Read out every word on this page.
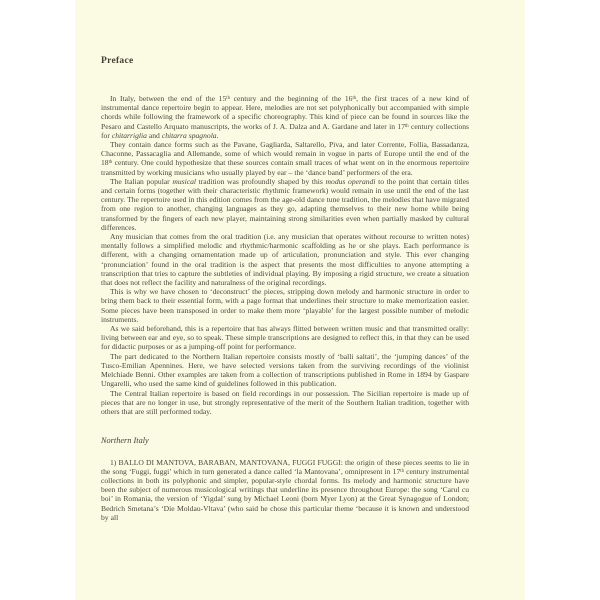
Preface

In Italy, between the end of the 15th century and the beginning of the 16th, the first traces of a new kind of instrumental dance repertoire begin to appear. Here, melodies are not set polyphonically but accompanied with simple chords while following the framework of a specific choreography. This kind of piece can be found in sources like the Pesaro and Castello Arquato manuscripts, the works of J. A. Dalza and A. Gardane and later in 17th century collections for chitarriglia and chitarra spagnola.

They contain dance forms such as the Pavane, Gagliarda, Saltarello, Piva, and later Corrente, Follia, Bassadanza, Chaconne, Passacaglia and Allemande, some of which would remain in vogue in parts of Europe until the end of the 18th century. One could hypothesize that these sources contain small traces of what went on in the enormous repertoire transmitted by working musicians who usually played by ear – the ‘dance band’ performers of the era.

The Italian popular musical tradition was profoundly shaped by this modus operandi to the point that certain titles and certain forms (together with their characteristic rhythmic framework) would remain in use until the end of the last century. The repertoire used in this edition comes from the age-old dance tune tradition, the melodies that have migrated from one region to another, changing languages as they go, adapting themselves to their new home while being transformed by the fingers of each new player, maintaining strong similarities even when partially masked by cultural differences.

Any musician that comes from the oral tradition (i.e. any musician that operates without recourse to written notes) mentally follows a simplified melodic and rhythmic/harmonic scaffolding as he or she plays. Each performance is different, with a changing ornamentation made up of articulation, pronunciation and style. This ever changing ‘pronunciation’ found in the oral tradition is the aspect that presents the most difficulties to anyone attempting a transcription that tries to capture the subtleties of individual playing. By imposing a rigid structure, we create a situation that does not reflect the facility and naturalness of the original recordings.

This is why we have chosen to ‘deconstruct’ the pieces, stripping down melody and harmonic structure in order to bring them back to their essential form, with a page format that underlines their structure to make memorization easier. Some pieces have been transposed in order to make them more ‘playable’ for the largest possible number of melodic instruments.

As we said beforehand, this is a repertoire that has always flitted between written music and that transmitted orally: living between ear and eye, so to speak. These simple transcriptions are designed to reflect this, in that they can be used for didactic purposes or as a jumping-off point for performance.

The part dedicated to the Northern Italian repertoire consists mostly of ‘balli saltati’, the ‘jumping dances’ of the Tusco-Emilian Apennines. Here, we have selected versions taken from the surviving recordings of the violinist Melchiade Benni. Other examples are taken from a collection of transcriptions published in Rome in 1894 by Gaspare Ungarelli, who used the same kind of guidelines followed in this publication.

The Central Italian repertoire is based on field recordings in our possession. The Sicilian repertoire is made up of pieces that are no longer in use, but strongly representative of the merit of the Southern Italian tradition, together with others that are still performed today.

Northern Italy

1) BALLO DI MANTOVA, BARABAN, MANTOVANA, FUGGI FUGGI: the origin of these pieces seems to lie in the song ‘Fuggi, fuggi’ which in turn generated a dance called ‘la Mantovana’, omnipresent in 17th century instrumental collections in both its polyphonic and simpler, popular-style chordal forms. Its melody and harmonic structure have been the subject of numerous musicological writings that underline its presence throughout Europe: the song ‘Carul cu boi’ in Romania, the version of ‘Yigdal’ sung by Michael Leoni (born Myer Lyon) at the Great Synagogue of London; Bedrich Smetana’s ‘Die Moldau-Vltava’ (who said he chose this particular theme ‘because it is known and understood by all
